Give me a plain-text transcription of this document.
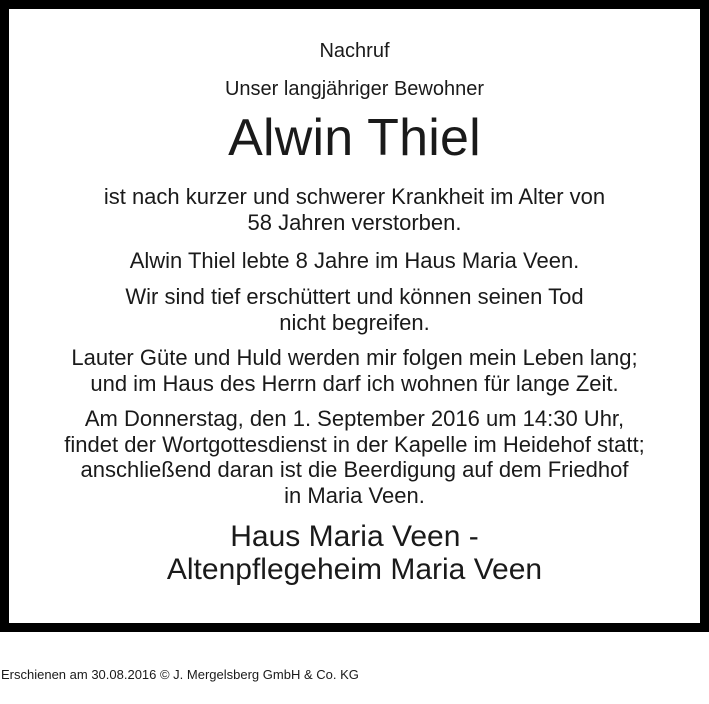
Nachruf
Unser langjähriger Bewohner
Alwin Thiel
ist nach kurzer und schwerer Krankheit im Alter von
58 Jahren verstorben.
Alwin Thiel lebte 8 Jahre im Haus Maria Veen.
Wir sind tief erschüttert und können seinen Tod
nicht begreifen.
Lauter Güte und Huld werden mir folgen mein Leben lang;
und im Haus des Herrn darf ich wohnen für lange Zeit.
Am Donnerstag, den 1. September 2016 um 14:30 Uhr,
findet der Wortgottesdienst in der Kapelle im Heidehof statt;
anschließend daran ist die Beerdigung auf dem Friedhof
in Maria Veen.
Haus Maria Veen -
Altenpflegeheim Maria Veen
Erschienen am 30.08.2016 © J. Mergelsberg GmbH & Co. KG
